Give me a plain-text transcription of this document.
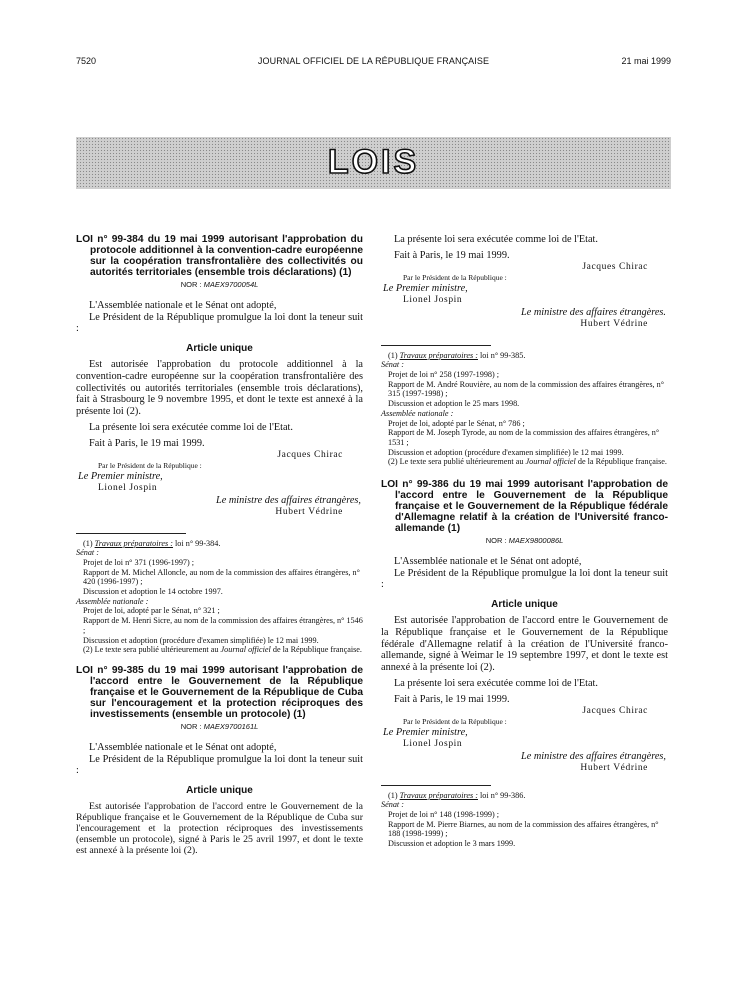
7520	JOURNAL OFFICIEL DE LA RÉPUBLIQUE FRANÇAISE	21 mai 1999
LOIS

LOI n° 99-384 du 19 mai 1999 autorisant l'approbation du protocole additionnel à la convention-cadre européenne sur la coopération transfrontalière des collectivités ou autorités territoriales (ensemble trois déclarations) (1)

NOR : MAEX9700054L

L'Assemblée nationale et le Sénat ont adopté,

Le Président de la République promulgue la loi dont la teneur suit :

Article unique

Est autorisée l'approbation du protocole additionnel à la convention-cadre européenne sur la coopération transfrontalière des collectivités ou autorités territoriales (ensemble trois déclarations), fait à Strasbourg le 9 novembre 1995, et dont le texte est annexé à la présente loi (2).

La présente loi sera exécutée comme loi de l'Etat.

Fait à Paris, le 19 mai 1999.

Jacques Chirac
Par le Président de la République :
Le Premier ministre,
Lionel Jospin
Le ministre des affaires étrangères,
Hubert Védrine
(1) Travaux préparatoires : loi n° 99-384.
Sénat :
Projet de loi n° 371 (1996-1997) ;
Rapport de M. Michel Alloncle, au nom de la commission des affaires étrangères, n° 420 (1996-1997) ;
Discussion et adoption le 14 octobre 1997.
Assemblée nationale :
Projet de loi, adopté par le Sénat, n° 321 ;
Rapport de M. Henri Sicre, au nom de la commission des affaires étrangères, n° 1546 ;
Discussion et adoption (procédure d'examen simplifiée) le 12 mai 1999.
(2) Le texte sera publié ultérieurement au Journal officiel de la République française.

LOI n° 99-385 du 19 mai 1999 autorisant l'approbation de l'accord entre le Gouvernement de la République française et le Gouvernement de la République de Cuba sur l'encouragement et la protection réciproques des investissements (ensemble un protocole) (1)

NOR : MAEX9700161L

L'Assemblée nationale et le Sénat ont adopté,

Le Président de la République promulgue la loi dont la teneur suit :

Article unique

Est autorisée l'approbation de l'accord entre le Gouvernement de la République française et le Gouvernement de la République de Cuba sur l'encouragement et la protection réciproques des investissements (ensemble un protocole), signé à Paris le 25 avril 1997, et dont le texte est annexé à la présente loi (2).

La présente loi sera exécutée comme loi de l'Etat.

Fait à Paris, le 19 mai 1999.

Jacques Chirac
Par le Président de la République :
Le Premier ministre,
Lionel Jospin
Le ministre des affaires étrangères.
Hubert Védrine
(1) Travaux préparatoires : loi n° 99-385.
Sénat :
Projet de loi n° 258 (1997-1998) ;
Rapport de M. André Rouvière, au nom de la commission des affaires étrangères, n° 315 (1997-1998) ;
Discussion et adoption le 25 mars 1998.
Assemblée nationale :
Projet de loi, adopté par le Sénat, n° 786 ;
Rapport de M. Joseph Tyrode, au nom de la commission des affaires étrangères, n° 1531 ;
Discussion et adoption (procédure d'examen simplifiée) le 12 mai 1999.
(2) Le texte sera publié ultérieurement au Journal officiel de la République française.

LOI n° 99-386 du 19 mai 1999 autorisant l'approbation de l'accord entre le Gouvernement de la République française et le Gouvernement de la République fédérale d'Allemagne relatif à la création de l'Université franco-allemande (1)

NOR : MAEX9800086L

L'Assemblée nationale et le Sénat ont adopté,

Le Président de la République promulgue la loi dont la teneur suit :

Article unique

Est autorisée l'approbation de l'accord entre le Gouvernement de la République française et le Gouvernement de la République fédérale d'Allemagne relatif à la création de l'Université franco-allemande, signé à Weimar le 19 septembre 1997, et dont le texte est annexé à la présente loi (2).

La présente loi sera exécutée comme loi de l'Etat.

Fait à Paris, le 19 mai 1999.

Jacques Chirac
Par le Président de la République :
Le Premier ministre,
Lionel Jospin
Le ministre des affaires étrangères,
Hubert Védrine
(1) Travaux préparatoires : loi n° 99-386.
Sénat :
Projet de loi n° 148 (1998-1999) ;
Rapport de M. Pierre Biarnes, au nom de la commission des affaires étrangères, n° 188 (1998-1999) ;
Discussion et adoption le 3 mars 1999.
